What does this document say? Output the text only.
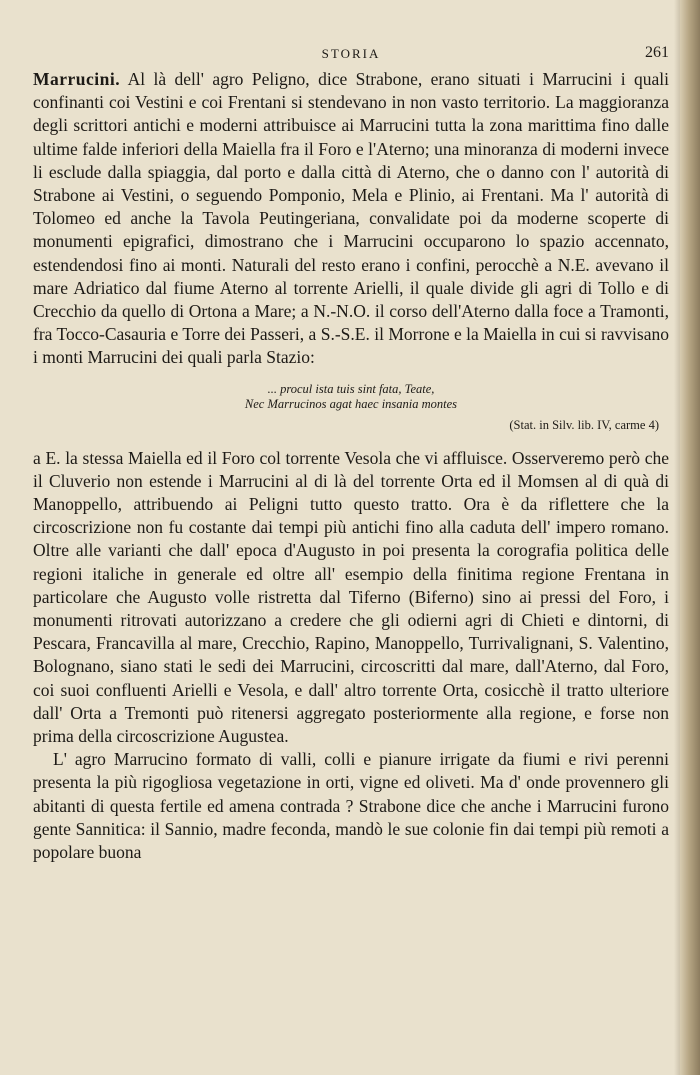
STORIA	261

Marrucini. Al là dell' agro Peligno, dice Strabone, erano situati i Marrucini i quali confinanti coi Vestini e coi Frentani si stendevano in non vasto territorio. La maggioranza degli scrittori antichi e moderni attribuisce ai Marrucini tutta la zona marittima fino dalle ultime falde inferiori della Maiella fra il Foro e l'Aterno; una minoranza di moderni invece li esclude dalla spiaggia, dal porto e dalla città di Aterno, che o danno con l' autorità di Strabone ai Vestini, o seguendo Pomponio, Mela e Plinio, ai Frentani. Ma l' autorità di Tolomeo ed anche la Tavola Peutingeriana, convalidate poi da moderne scoperte di monumenti epigrafici, dimostrano che i Marrucini occuparono lo spazio accennato, estendendosi fino ai monti. Naturali del resto erano i confini, perocchè a N.E. avevano il mare Adriatico dal fiume Aterno al torrente Arielli, il quale divide gli agri di Tollo e di Crecchio da quello di Ortona a Mare; a N.-N.O. il corso dell'Aterno dalla foce a Tramonti, fra Tocco-Casauria e Torre dei Passeri, a S.-S.E. il Morrone e la Maiella in cui si ravvisano i monti Marrucini dei quali parla Stazio:

... procul ista tuis sint fata, Teate,
Nec Marrucinos agat haec insania montes
(Stat. in Silv. lib. IV, carme 4)

a E. la stessa Maiella ed il Foro col torrente Vesola che vi affluisce. Osserveremo però che il Cluverio non estende i Marrucini al di là del torrente Orta ed il Momsen al di quà di Manoppello, attribuendo ai Peligni tutto questo tratto. Ora è da riflettere che la circoscrizione non fu costante dai tempi più antichi fino alla caduta dell' impero romano. Oltre alle varianti che dall' epoca d'Augusto in poi presenta la corografia politica delle regioni italiche in generale ed oltre all' esempio della finitima regione Frentana in particolare che Augusto volle ristretta dal Tiferno (Biferno) sino ai pressi del Foro, i monumenti ritrovati autorizzano a credere che gli odierni agri di Chieti e dintorni, di Pescara, Francavilla al mare, Crecchio, Rapino, Manoppello, Turrivalignani, S. Valentino, Bolognano, siano stati le sedi dei Marrucini, circoscritti dal mare, dall'Aterno, dal Foro, coi suoi confluenti Arielli e Vesola, e dall' altro torrente Orta, cosicchè il tratto ulteriore dall' Orta a Tremonti può ritenersi aggregato posteriormente alla regione, e forse non prima della circoscrizione Augustea.

L' agro Marrucino formato di valli, colli e pianure irrigate da fiumi e rivi perenni presenta la più rigogliosa vegetazione in orti, vigne ed oliveti. Ma d' onde provennero gli abitanti di questa fertile ed amena contrada ? Strabone dice che anche i Marrucini furono gente Sannitica: il Sannio, madre feconda, mandò le sue colonie fin dai tempi più remoti a popolare buona
